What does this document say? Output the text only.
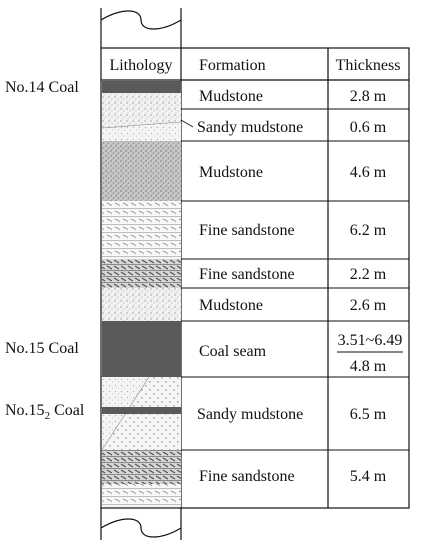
Lithology Formation	Thickness
No.14 Coal
No.15 Coal
$No.15_2$ Coal
Mudstone
Sandy mudstone
Mudstone
Fine sandstone
Fine sandstone
Mudstone
Coal seam
Sandy mudstone
Fine sandstone
2.8 m
0.6 m
4.6 m
6.2 m
2.2 m
2.6 m
3.51~6.49
4.8 m
6.5 m
5.4 m
